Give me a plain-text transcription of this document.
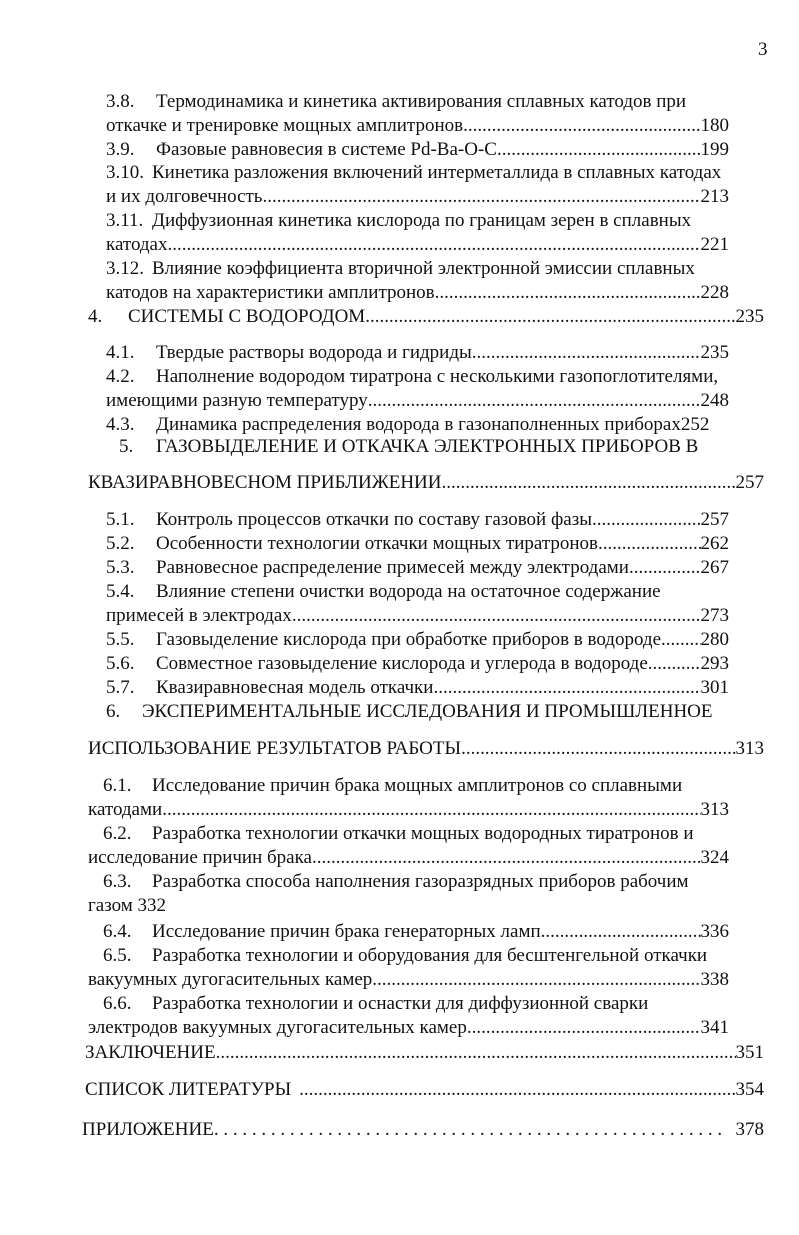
3
3.8. Термодинамика и кинетика активирования сплавных катодов при
откачке и тренировке мощных амплитронов .....	180
3.9. Фазовые равновесия в системе Pd-Ba-O-C .....	199
3.10. Кинетика разложения включений интерметаллида в сплавных катодах
и их долговечность .....	213
3.11. Диффузионная кинетика кислорода по границам зерен в сплавных
катодах .....	221
3.12. Влияние коэффициента вторичной электронной эмиссии сплавных
катодов на характеристики амплитронов .....	228
4. СИСТЕМЫ С ВОДОРОДОМ .....	235
4.1. Твердые растворы водорода и гидриды .....	235
4.2. Наполнение водородом тиратрона с несколькими газопоглотителями,
имеющими разную температуру .....	248
4.3. Динамика распределения водорода в газонаполненных приборах252
5. ГАЗОВЫДЕЛЕНИЕ И ОТКАЧКА ЭЛЕКТРОННЫХ ПРИБОРОВ В
КВАЗИРАВНОВЕСНОМ ПРИБЛИЖЕНИИ .....	257
5.1. Контроль процессов откачки по составу газовой фазы .....	257
5.2. Особенности технологии откачки мощных тиратронов .....	262
5.3. Равновесное распределение примесей между электродами .....	267
5.4. Влияние степени очистки водорода на остаточное содержание
примесей в электродах .....	273
5.5. Газовыделение кислорода при обработке приборов в водороде ..... 280
5.6. Совместное газовыделение кислорода и углерода в водороде .....	293
5.7. Квазиравновесная модель откачки .....	301
6. ЭКСПЕРИМЕНТАЛЬНЫЕ ИССЛЕДОВАНИЯ И ПРОМЫШЛЕННОЕ
ИСПОЛЬЗОВАНИЕ РЕЗУЛЬТАТОВ РАБОТЫ .....	313
6.1. Исследование причин брака мощных амплитронов со сплавными
катодами .....	313
6.2. Разработка технологии откачки мощных водородных тиратронов и
исследование причин брака .....	324
6.3. Разработка способа наполнения газоразрядных приборов рабочим
газом 332
6.4. Исследование причин брака генераторных ламп .....	336
6.5. Разработка технологии и оборудования для бесштенгельной откачки
вакуумных дугогасительных камер .....	338
6.6. Разработка технологии и оснастки для диффузионной сварки
электродов вакуумных дугогасительных камер .....	341
ЗАКЛЮЧЕНИЕ .....	351
СПИСОК ЛИТЕРАТУРЫ .....	354
ПРИЛОЖЕНИЕ . . .	378
